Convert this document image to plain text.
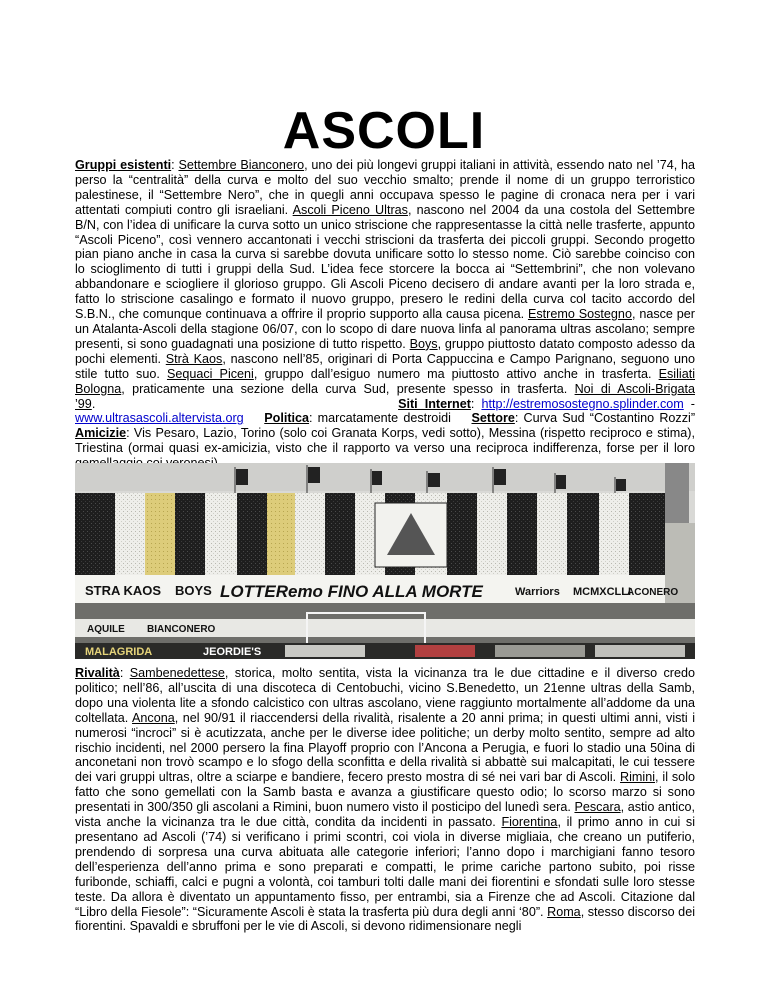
ASCOLI
Gruppi esistenti: Settembre Bianconero, uno dei più longevi gruppi italiani in attività, essendo nato nel ’74, ha perso la “centralità” della curva e molto del suo vecchio smalto; prende il nome di un gruppo terroristico palestinese, il “Settembre Nero”, che in quegli anni occupava spesso le pagine di cronaca nera per i vari attentati compiuti contro gli israeliani. Ascoli Piceno Ultras, nascono nel 2004 da una costola del Settembre B/N, con l’idea di unificare la curva sotto un unico striscione che rappresentasse la città nelle trasferte, appunto “Ascoli Piceno”, così vennero accantonati i vecchi striscioni da trasferta dei piccoli gruppi. Secondo progetto pian piano anche in casa la curva si sarebbe dovuta unificare sotto lo stesso nome. Ciò sarebbe coinciso con lo scioglimento di tutti i gruppi della Sud. L’idea fece storcere la bocca ai “Settembrini”, che non volevano abbandonare e sciogliere il glorioso gruppo. Gli Ascoli Piceno decisero di andare avanti per la loro strada e, fatto lo striscione casalingo e formato il nuovo gruppo, presero le redini della curva col tacito accordo del S.B.N., che comunque continuava a offrire il proprio supporto alla causa picena. Estremo Sostegno, nasce per un Atalanta-Ascoli della stagione 06/07, con lo scopo di dare nuova linfa al panorama ultras ascolano; sempre presenti, si sono guadagnati una posizione di tutto rispetto. Boys, gruppo piuttosto datato composto adesso da pochi elementi. Strà Kaos, nascono nell’85, originari di Porta Cappuccina e Campo Parignano, seguono uno stile tutto suo. Sequaci Piceni, gruppo dall’esiguo numero ma piuttosto attivo anche in trasferta. Esiliati Bologna, praticamente una sezione della curva Sud, presente spesso in trasferta. Noi di Ascoli-Brigata ’99.	Siti Internet: http://estremosostegno.splinder.com - www.ultrasascoli.altervista.org Politica: marcatamente destroidi Settore: Curva Sud “Costantino Rozzi” Amicizie: Vis Pesaro, Lazio, Torino (solo coi Granata Korps, vedi sotto), Messina (rispetto reciproco e stima), Triestina (ormai quasi ex-amicizia, visto che il rapporto va verso una reciproca indifferenza, forse per il loro
STRA KAOS BOYS LOTTERemo FINO ALLA MORTE	Warriors MCMXCLLI
ACONERO
AQUILE BIANCONERO
MALAGRIDA	JEORDIE'S
Rivalità: Sambenedettese, storica, molto sentita, vista la vicinanza tra le due cittadine e il diverso credo politico; nell’86, all’uscita di una discoteca di Centobuchi, vicino S.Benedetto, un 21enne ultras della Samb, dopo una violenta lite a sfondo calcistico con ultras ascolano, viene raggiunto mortalmente all’addome da una coltellata. Ancona, nel 90/91 il riaccendersi della rivalità, risalente a 20 anni prima; in questi ultimi anni, visti i numerosi “incroci” si è acutizzata, anche per le diverse idee politiche; un derby molto sentito, sempre ad alto rischio incidenti, nel 2000 persero la fina Playoff proprio con l’Ancona a Perugia, e fuori lo stadio una 50ina di anconetani non trovò scampo e lo sfogo della sconfitta e della rivalità si abbattè sui malcapitati, le cui tessere dei vari gruppi ultras, oltre a sciarpe e bandiere, fecero presto mostra di sé nei vari bar di Ascoli. Rimini, il solo fatto che sono gemellati con la Samb basta e avanza a giustificare questo odio; lo scorso marzo si sono presentati in 300/350 gli ascolani a Rimini, buon numero visto il posticipo del lunedì sera. Pescara, astio antico, vista anche la vicinanza tra le due città, condita da incidenti in passato. Fiorentina, il primo anno in cui si presentano ad Ascoli (’74) si verificano i primi scontri, coi viola in diverse migliaia, che creano un putiferio, prendendo di sorpresa una curva abituata alle categorie inferiori; l’anno dopo i marchigiani fanno tesoro dell’esperienza dell’anno prima e sono preparati e compatti, le prime cariche partono subito, poi risse furibonde, schiaffi, calci e pugni a volontà, coi tamburi tolti dalle mani dei fiorentini e sfondati sulle loro stesse teste. Da allora è diventato un appuntamento fisso, per entrambi, sia a Firenze che ad Ascoli. Citazione dal “Libro della Fiesole”: “Sicuramente Ascoli è stata la trasferta più dura degli anni ‘80”. Roma, stesso discorso dei fiorentini. Spavaldi e sbruffoni per le vie di Ascoli, si devono ridimensionare negli
